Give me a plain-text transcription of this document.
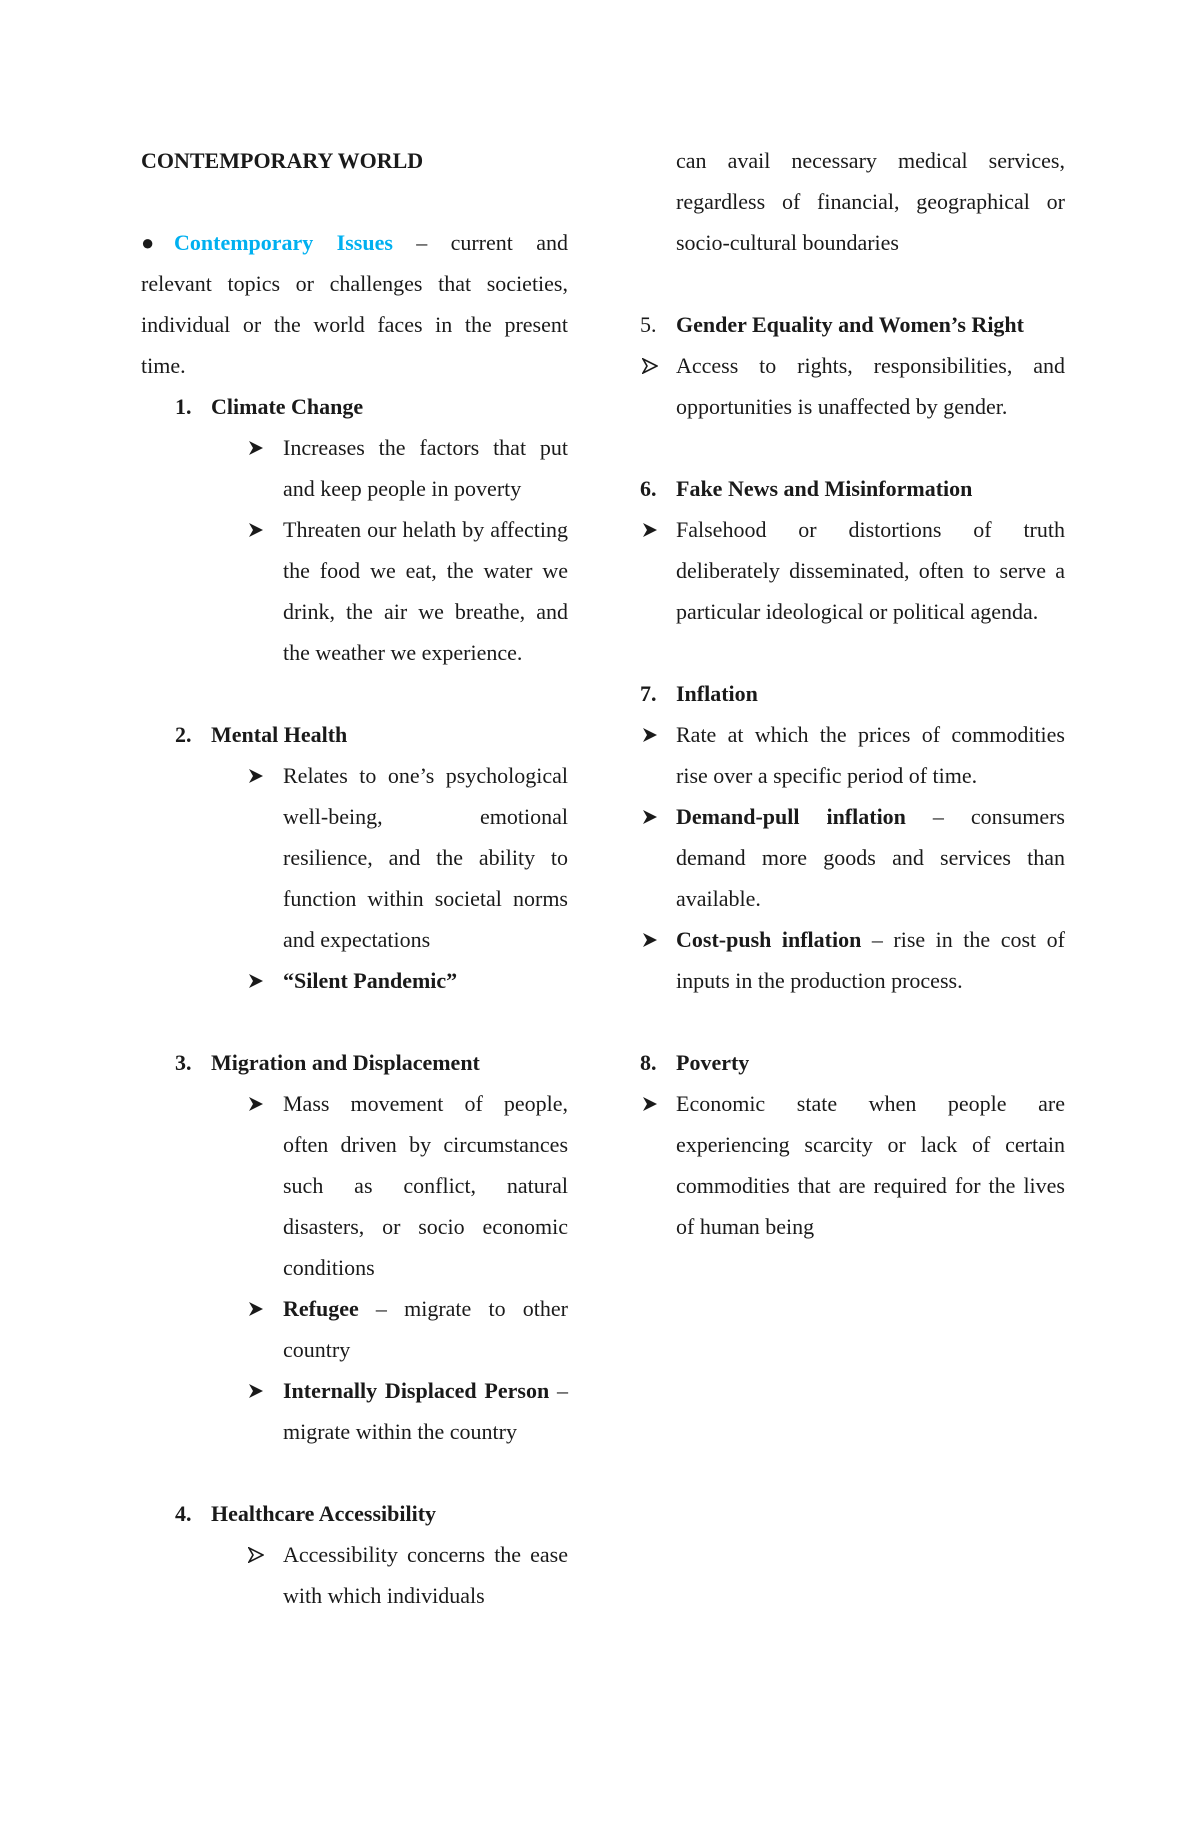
CONTEMPORARY WORLD
● Contemporary Issues – current and relevant topics or challenges that societies, individual or the world faces in the present time.
1. Climate Change
Increases the factors that put and keep people in poverty
Threaten our helath by affecting the food we eat, the water we drink, the air we breathe, and the weather we experience.
2. Mental Health
Relates to one’s psychological well-being, emotional resilience, and the ability to function within societal norms and expectations
“Silent Pandemic”
3. Migration and Displacement
Mass movement of people, often driven by circumstances such as conflict, natural disasters, or socio economic conditions
Refugee – migrate to other country
Internally Displaced Person – migrate within the country
4. Healthcare Accessibility
Accessibility concerns the ease with which individuals
can avail necessary medical services, regardless of financial, geographical or socio-cultural boundaries
5. Gender Equality and Women’s Right
Access to rights, responsibilities, and opportunities is unaffected by gender.
6. Fake News and Misinformation
Falsehood or distortions of truth deliberately disseminated, often to serve a particular ideological or political agenda.
7. Inflation
Rate at which the prices of commodities rise over a specific period of time.
Demand-pull inflation – consumers demand more goods and services than available.
Cost-push inflation – rise in the cost of inputs in the production process.
8. Poverty
Economic state when people are experiencing scarcity or lack of certain commodities that are required for the lives of human being
